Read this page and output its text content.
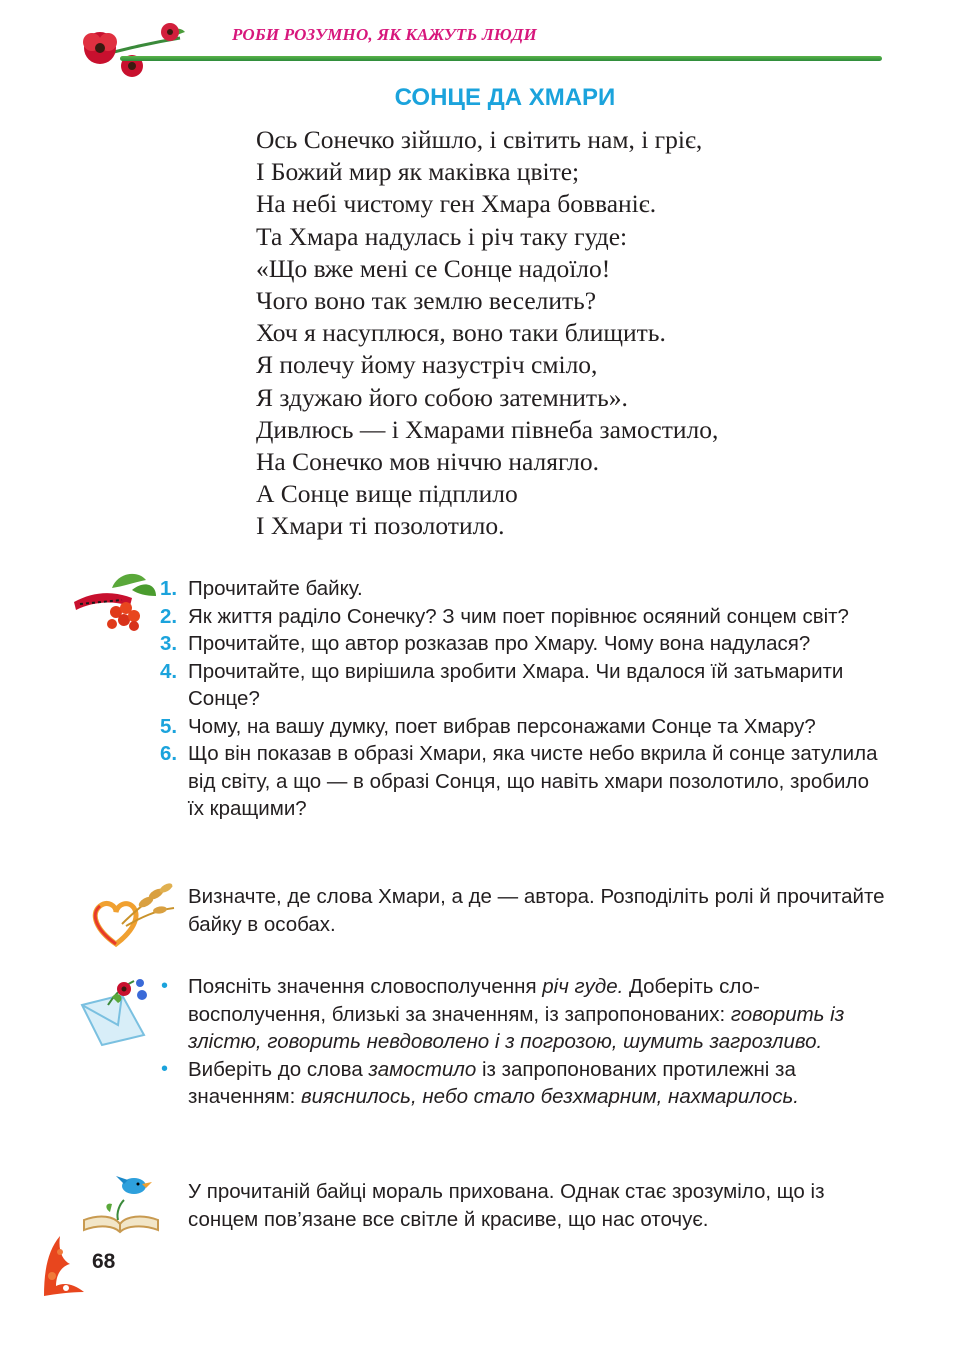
РОБИ РОЗУМНО, ЯК КАЖУТЬ ЛЮДИ
СОНЦЕ ДА ХМАРИ
Ось Сонечко зійшло, і світить нам, і гріє,
І Божий мир як маківка цвіте;
На небі чистому ген Хмара бовваніє.
Та Хмара надулась і річ таку гуде:
«Що вже мені се Сонце надоїло!
Чого воно так землю веселить?
Хоч я насуплюся, воно таки блищить.
Я полечу йому назустріч сміло,
Я здужаю його собою затемнить».
Дивлюсь — і Хмарами півнеба замостило,
На Сонечко мов ніччю налягло.
А Сонце вище підплило
І Хмари ті позолотило.
1. Прочитайте байку.
2. Як життя раділо Сонечку? З чим поет порівнює осяяний сонцем світ?
3. Прочитайте, що автор розказав про Хмару. Чому вона надулася?
4. Прочитайте, що вирішила зробити Хмара. Чи вдалося їй затьмарити Сонце?
5. Чому, на вашу думку, поет вибрав персонажами Сонце та Хмару?
6. Що він показав в образі Хмари, яка чисте небо вкрила й сонце затулила від світу, а що — в образі Сонця, що навіть хмари позолотило, зробило їх кращими?
Визначте, де слова Хмари, а де — автора. Розподіліть ролі й прочитайте байку в особах.
• Поясніть значення словосполучення річ гуде. Доберіть словосполучення, близькі за значенням, із запропонованих: говорить із злістю, говорить невдоволено і з погрозою, шумить загрозливо.
• Виберіть до слова замостило із запропонованих протилежні за значенням: вияснилось, небо стало безхмарним, нахмарилось.
У прочитаній байці мораль прихована. Однак стає зрозуміло, що із сонцем пов’язане все світле й красиве, що нас оточує.
68
